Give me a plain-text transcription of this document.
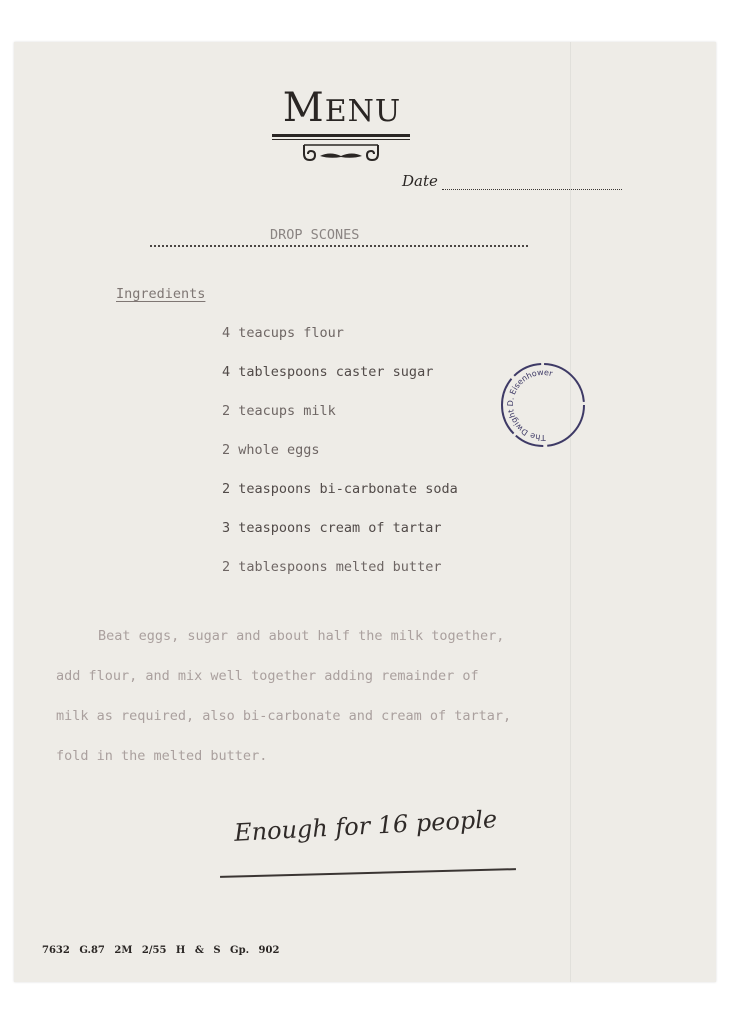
MENU
Date
DROP SCONES
Ingredients
4 teacups flour
4 tablespoons caster sugar
2 teacups milk
2 whole eggs
2 teaspoons bi-carbonate soda
3 teaspoons cream of tartar
2 tablespoons melted butter
The Dwight D. Eisenhower

Beat eggs, sugar and about half the milk together,

add flour, and mix well together adding remainder of

milk as required, also bi-carbonate and cream of tartar,

fold in the melted butter.

Enough for 16 people
7632 G.87 2M 2/55 H & S Gp. 902
